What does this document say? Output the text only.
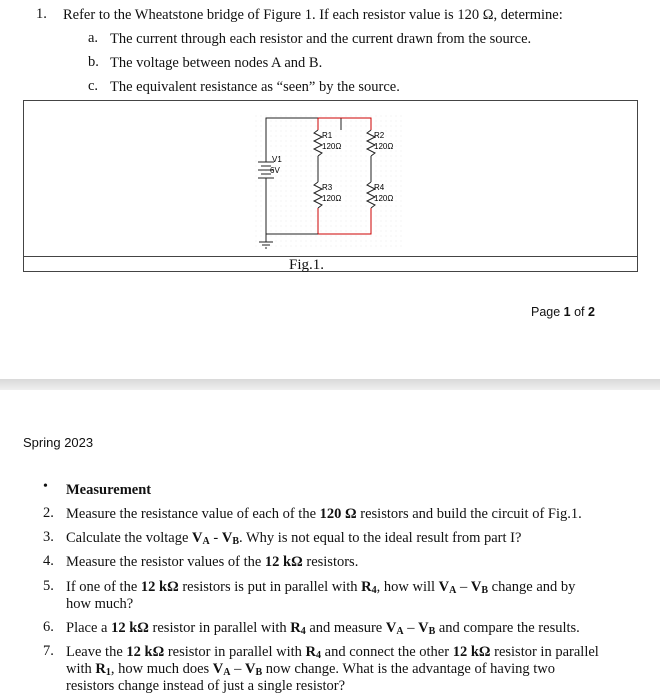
1. Refer to the Wheatstone bridge of Figure 1. If each resistor value is 120 Ω, determine:
a. The current through each resistor and the current drawn from the source.
b. The voltage between nodes A and B.
c. The equivalent resistance as “seen” by the source.
R1
120Ω
R2
120Ω
R3
120Ω
R4
120Ω
V1
6V
Fig.1.
Page 1 of 2
Spring 2023
• Measurement
2. Measure the resistance value of each of the 120 Ω resistors and build the circuit of Fig.1.
3. Calculate the voltage $V_A - V_B$. Why is not equal to the ideal result from part I?
4. Measure the resistor values of the 12 kΩ resistors.
5. If one of the 12 kΩ resistors is put in parallel with $R_4$, how will $V_A - V_B$ change and by
how much?
6. Place a 12 kΩ resistor in parallel with $R_4$ and measure $V_A - V_B$ and compare the results.
7. Leave the 12 kΩ resistor in parallel with $R_4$ and connect the other 12 kΩ resistor in parallel
with $R_1$, how much does $V_A - V_B$ now change. What is the advantage of having two
resistors change instead of just a single resistor?
